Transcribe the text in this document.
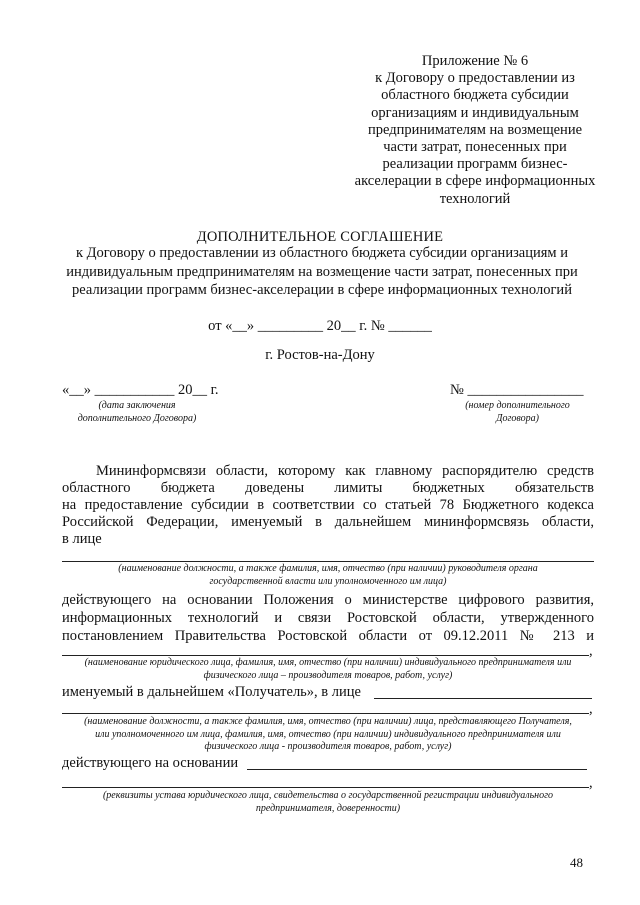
Приложение № 6
к Договору о предоставлении из
областного бюджета субсидии
организациям и индивидуальным
предпринимателям на возмещение
части затрат, понесенных при
реализации программ бизнес-
акселерации в сфере информационных
технологий
ДОПОЛНИТЕЛЬНОЕ СОГЛАШЕНИЕ
к Договору о предоставлении из областного бюджета субсидии организациям и индивидуальным предпринимателям на возмещение части затрат, понесенных при реализации программ бизнес-акселерации в сфере информационных технологий
от «__» _________ 20__ г. № ______
г. Ростов-на-Дону
«__» ___________ 20__ г.
(дата заключения
дополнительного Договора)
№ ________________
(номер дополнительного
Договора)
Мининформсвязи области, которому как главному распорядителю средств
областного бюджета доведены лимиты бюджетных обязательств
на предоставление субсидии в соответствии со статьей 78 Бюджетного кодекса
Российской Федерации, именуемый в дальнейшем мининформсвязь области,
в лице
(наименование должности, а также фамилия, имя, отчество (при наличии) руководителя органа
государственной власти или уполномоченного им лица)
действующего на основании Положения о министерстве цифрового развития,
информационных технологий и связи Ростовской области, утвержденного
постановлением Правительства Ростовской области от 09.12.2011 № 213 и
,
(наименование юридического лица, фамилия, имя, отчество (при наличии) индивидуального предпринимателя или
физического лица – производителя товаров, работ, услуг)
именуемый в дальнейшем «Получатель», в лице
,
(наименование должности, а также фамилия, имя, отчество (при наличии) лица, представляющего Получателя,
или уполномоченного им лица, фамилия, имя, отчество (при наличии) индивидуального предпринимателя или
физического лица - производителя товаров, работ, услуг)
действующего на основании
,
(реквизиты устава юридического лица, свидетельства о государственной регистрации индивидуального
предпринимателя, доверенности)
48
